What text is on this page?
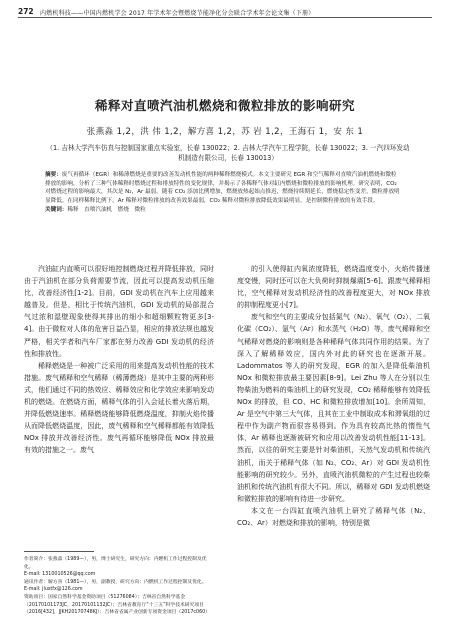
272 内燃机科技——中国内燃机学会 2017 年学术年会暨燃烧节能净化分会联合学术年会论文集（下册）
稀释对直喷汽油机燃烧和微粒排放的影响研究
张燕淼 1,2，洪 伟 1,2，解方喜 1,2，苏 岩 1,2，王海石 1，安 东 1
（1. 吉林大学汽车仿真与控制国家重点实验室，长春 130022；2. 吉林大学汽车工程学院，长春 130022；3. 一汽四环发动机制造有限公司，长春 130013）
摘要：废气再循环（EGR）和稀薄燃烧是重要的改善发动机性能的两种稀释燃烧模式。本文主要研究 EGR 和空气稀释对直喷汽油机燃烧和微粒排放的影响，分析了三种气体稀释时燃烧过程和排放特性的变化规律，并揭示了各稀释气体对缸内燃烧和微粒排放的影响机理。研究表明，CO₂ 对燃烧过程的影响最大，其次是 N₂，Ar 最弱。随着 CO₂ 添加比例增加，燃烧放热起始点推迟，燃烧持续期延长，燃烧稳定性变差，微粒排放明显降低。在同样稀释比例下，Ar 稀释对微粒排放的改善效果最弱，CO₂ 稀释对微粒排放降低效果最明显，是控制微粒排放的有效手段。
关键词：稀释　直喷汽油机　燃烧　微粒

汽油缸内直喷可以很好地控制燃烧过程并降低排放，同时由于汽油机在部分负荷需要节流，因此可以提高发动机压缩比，改善经济性[1-2]。目前，GDI 发动机在汽车上应用越来越普及。但是，相比于传统汽油机，GDI 发动机的局部混合气过浓和湿壁现象使得其排出的细小和超细颗粒物更多[3-4]。由于微粒对人体的危害日益凸显，相应的排放法规也越发严格，相关学者和汽车厂家都在努力改善 GDI 发动机的经济性和排放性。

稀释燃烧是一种被广泛采用的用来提高发动机性能的技术措施。废气稀释和空气稀释（稀薄燃烧）是其中主要的两种形式，他们通过不同的热效应、稀释效应和化学效应来影响发动机的燃烧。在燃烧方面，稀释气体的引入会延长着火落后期，并降低燃烧速率。稀释燃烧能够降低燃烧温度，抑制火焰传播从而降低燃烧温度，因此，废气稀释和空气稀释都能有效降低 NOx 排放并改善经济性。废气再循环能够降低 NOx 排放最有效的措施之一。废气

的引入使得缸内氧浓度降低，燃烧温度变小，火焰传播速度变慢，同时还可以在大负荷时抑制爆震[5-6]。跟废气稀释相比，空气稀释对发动机经济性的改善程度更大，对 NOx 排放的抑制程度更小[7]。

废气和空气的主要成分包括氮气（N₂）、氧气（O₂）、二氧化碳（CO₂）、氩气（Ar）和水蒸气（H₂O）等，废气稀释和空气稀释对燃烧的影响则是各种稀释气体共同作用的结果。为了深入了解稀释效应，国内外对此的研究也在逐渐开展。Ladommatos 等人的研究发现，EGR 的加入是降低柴油机 NOx 和微粒排放最主要因素[8-9]。Lei Zhu 等人在分别以生物柴油为燃料的柴油机上的研究发现，CO₂ 稀释能够有效降低 NOx 的排放，但 CO、HC 和微粒排放增加[10]。余所周知，Ar 是空气中第三大气体，且其在工业中制取成本和滞氧组的过程中作为副产物而很容易得到。作为具有较高比热的惰性气体，Ar 稀释也逐渐被研究和应用以改善发动机性能[11-13]。然而，以往的研究主要是针对柴油机，天然气发动机和传统汽油机，而关于稀释气体（如 N₂、CO₂、Ar）对 GDI 发动机性能影响的研究较少。另外，直喷汽油机微粒的产生过程也较柴油机和传统汽油机有很大不同。所以，稀释对 GDI 发动机燃烧和微粒排放的影响有待进一步研究。

本文在一台四缸直喷汽油机上研究了稀释气体（N₂、CO₂、Ar）对燃烧和排放的影响，特别是微

作者简介：张燕淼（1989—），男，博士研究生，研究方向：内燃机工作过程控制及优化。
E-mail: 1310010526@qq.com
通讯作者：解方喜（1981—），男，副教授，研究方向：内燃机工作过程控制及优化。
E-mail: jlustfx@126.com
资助项目：国家自然科学基金资助项目（51276084）；吉林省自然科学基金（20170101173JC，20170101132JC）；吉林省教育厅“十三五”科学技术研究项目（2016[432]，JJKH20170748KJ）；吉林省省属产业创新专项资金项目（2017c060）
